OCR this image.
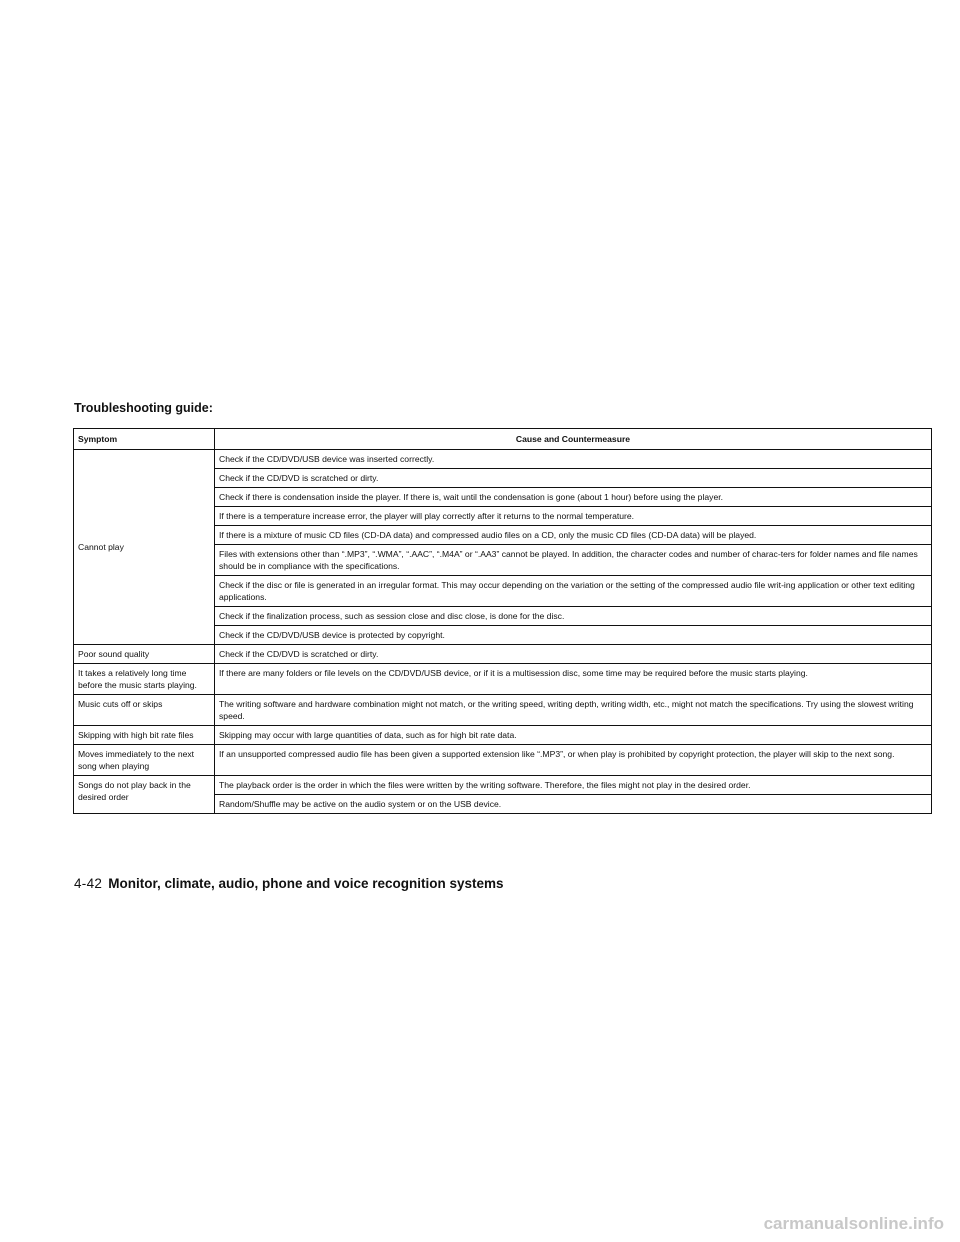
Troubleshooting guide:
Symptom	Cause and Countermeasure
Cannot play	Check if the CD/DVD/USB device was inserted correctly.
	Check if the CD/DVD is scratched or dirty.
	Check if there is condensation inside the player. If there is, wait until the condensation is gone (about 1 hour) before using the player.
	If there is a temperature increase error, the player will play correctly after it returns to the normal temperature.
	If there is a mixture of music CD files (CD-DA data) and compressed audio files on a CD, only the music CD files (CD-DA data) will be played.
	Files with extensions other than “.MP3”, “.WMA”, “.AAC”, “.M4A” or “.AA3” cannot be played. In addition, the character codes and number of charac-ters for folder names and file names should be in compliance with the specifications.
	Check if the disc or file is generated in an irregular format. This may occur depending on the variation or the setting of the compressed audio file writ-ing application or other text editing applications.
	Check if the finalization process, such as session close and disc close, is done for the disc.
	Check if the CD/DVD/USB device is protected by copyright.
Poor sound quality	Check if the CD/DVD is scratched or dirty.
It takes a relatively long time before the music starts playing.	If there are many folders or file levels on the CD/DVD/USB device, or if it is a multisession disc, some time may be required before the music starts playing.
Music cuts off or skips	The writing software and hardware combination might not match, or the writing speed, writing depth, writing width, etc., might not match the specifications. Try using the slowest writing speed.
Skipping with high bit rate files	Skipping may occur with large quantities of data, such as for high bit rate data.
Moves immediately to the next song when playing	If an unsupported compressed audio file has been given a supported extension like “.MP3”, or when play is prohibited by copyright protection, the player will skip to the next song.
Songs do not play back in the desired order	The playback order is the order in which the files were written by the writing software. Therefore, the files might not play in the desired order.
	Random/Shuffle may be active on the audio system or on the USB device.
4-42 Monitor, climate, audio, phone and voice recognition systems
carmanualsonline.info
